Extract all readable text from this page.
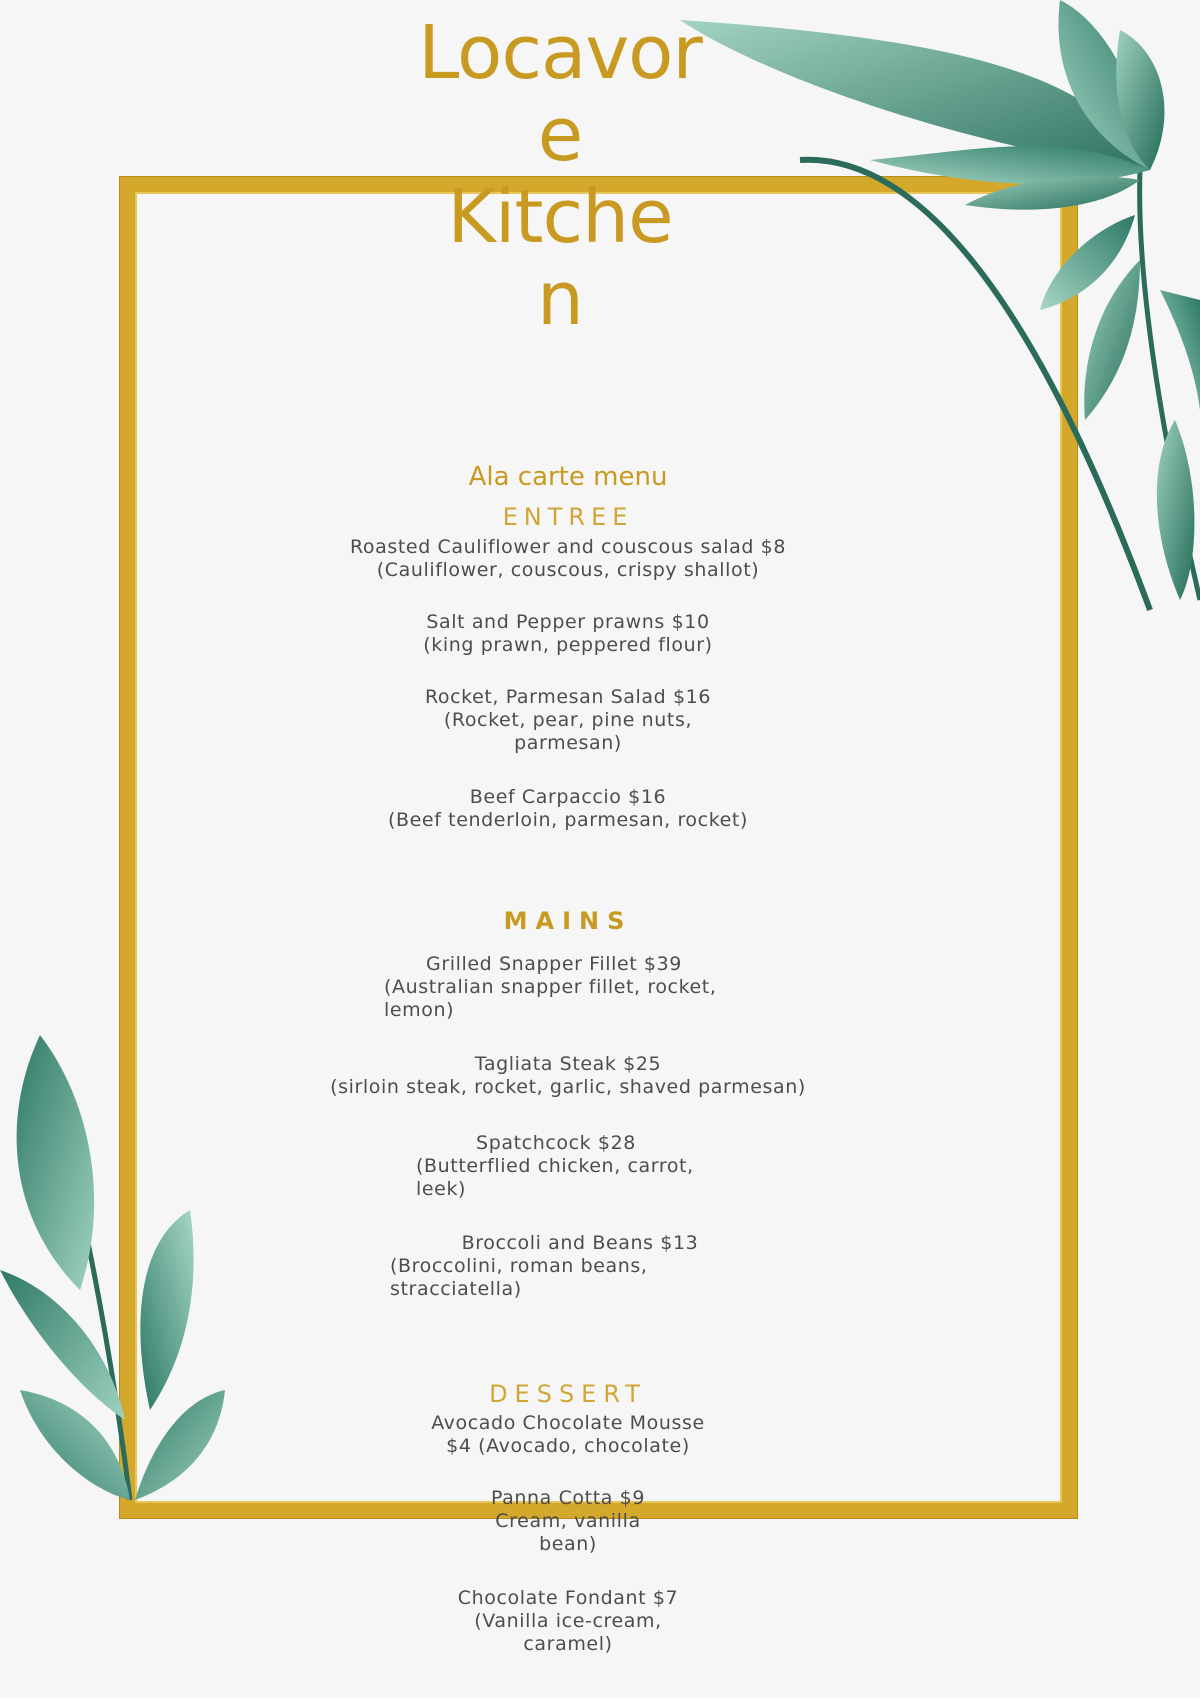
Locavor
e
Kitche
n
Ala carte menu
ENTREE
Roasted Cauliflower and couscous salad $8
(Cauliflower, couscous, crispy shallot)
Salt and Pepper prawns $10
(king prawn, peppered flour)
Rocket, Parmesan Salad $16
(Rocket, pear, pine nuts, parmesan)
Beef Carpaccio $16
(Beef tenderloin, parmesan, rocket)
MAINS
Grilled Snapper Fillet $39
(Australian snapper fillet, rocket, lemon)
Tagliata Steak $25
(sirloin steak, rocket, garlic, shaved parmesan)
Spatchcock $28
(Butterflied chicken, carrot, leek)
Broccoli and Beans $13
(Broccolini, roman beans, stracciatella)
DESSERT
Avocado Chocolate Mousse
$4 (Avocado, chocolate)
Panna Cotta $9
Cream, vanilla bean)
Chocolate Fondant $7
(Vanilla ice-cream, caramel)
